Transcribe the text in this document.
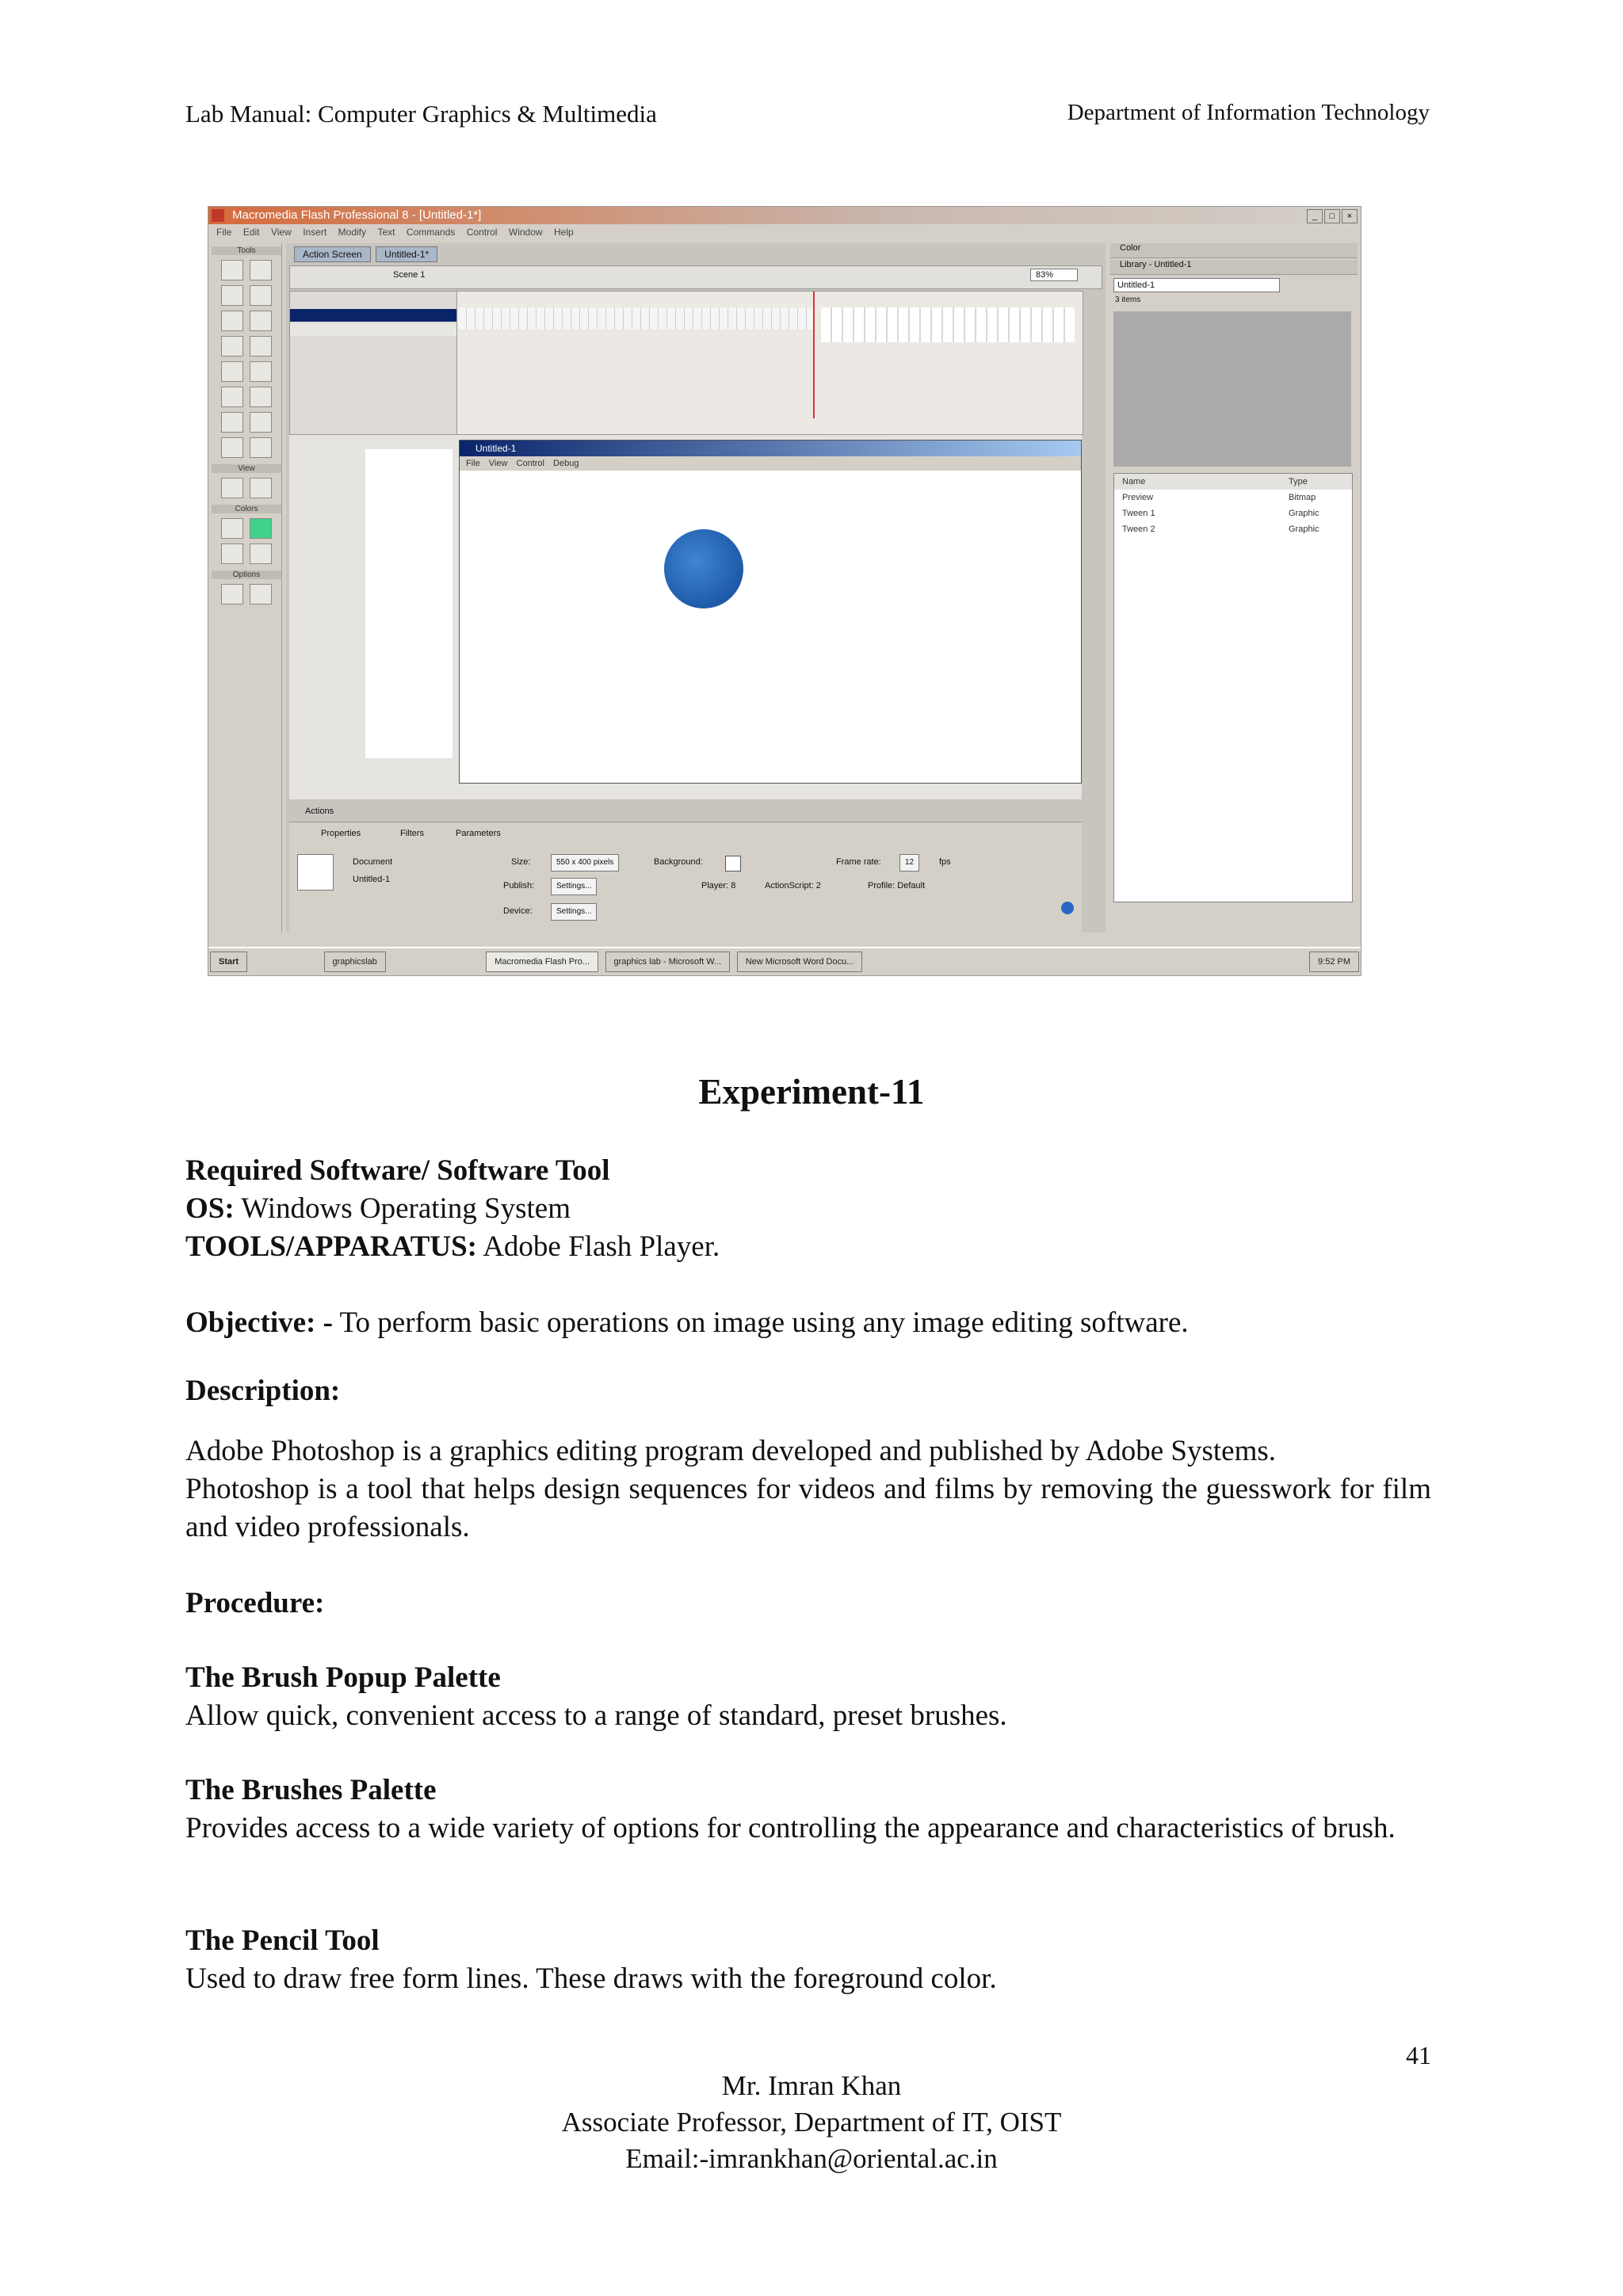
Lab Manual: Computer Graphics & Multimedia	Department of Information Technology
Macromedia Flash Professional 8 - [Untitled-1*]	_ □ ×
File Edit View Insert Modify Text Commands Control Window Help
Tools
View
Colors
Options
Action Screen Untitled-1*
Scene 1	83%
Untitled-1
File View Control Debug
Actions
Properties	Filters	Parameters
Document
Untitled-1
Size:	550 x 400 pixels	Background:	Frame rate:	12	fps
Publish:	Settings...	Player: 8	ActionScript: 2	Profile: Default
Device:	Settings...
Color
Library - Untitled-1
Untitled-1
3 items
Name	Type
Preview	Bitmap
Tween 1	Graphic
Tween 2	Graphic
Start	graphicslab	Macromedia Flash Pro...	graphics lab - Microsoft W...	New Microsoft Word Docu...	9:52 PM
Experiment-11
Required Software/ Software Tool
OS: Windows Operating System
TOOLS/APPARATUS: Adobe Flash Player.
Objective: - To perform basic operations on image using any image editing software.
Description:
Adobe Photoshop is a graphics editing program developed and published by Adobe Systems.
Photoshop is a tool that helps design sequences for videos and films by removing the guesswork for film and video professionals.
Procedure:
The Brush Popup Palette
Allow quick, convenient access to a range of standard, preset brushes.
The Brushes Palette
Provides access to a wide variety of options for controlling the appearance and characteristics of brush.
The Pencil Tool
Used to draw free form lines. These draws with the foreground color.
41
Mr. Imran Khan
Associate Professor, Department of IT, OIST
Email:-imrankhan@oriental.ac.in
